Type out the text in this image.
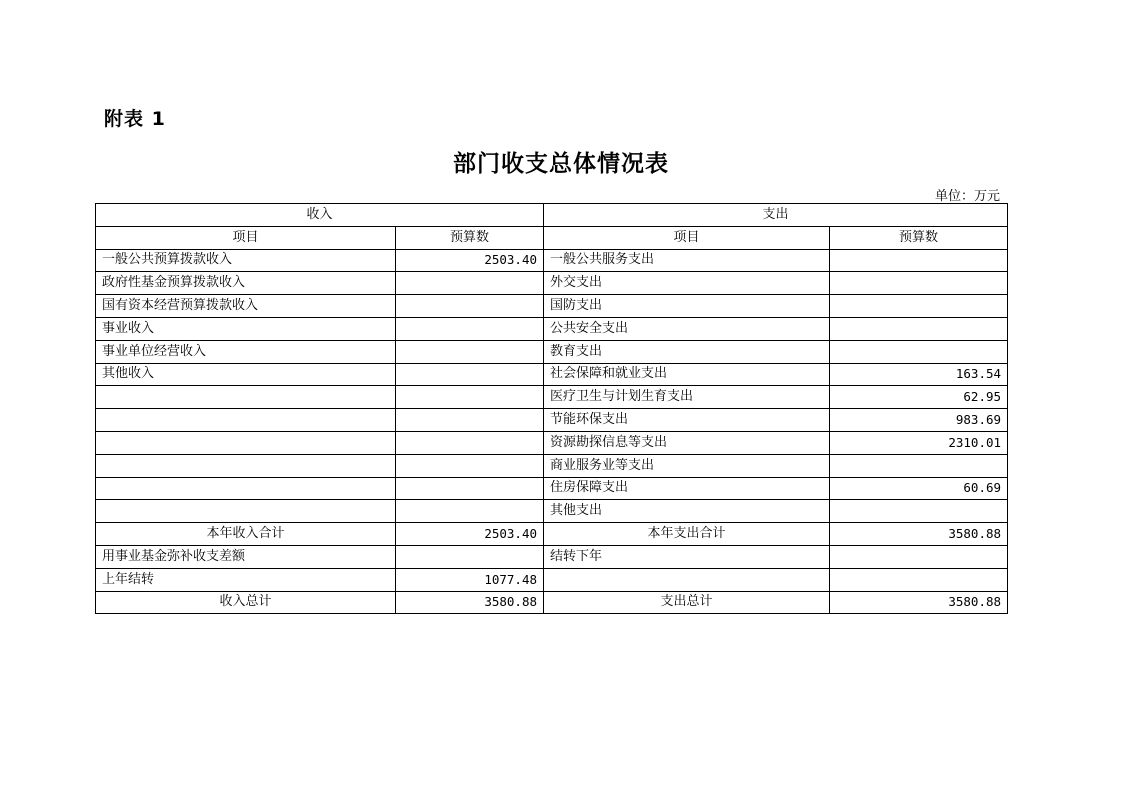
附表 1
部门收支总体情况表
单位：万元
收入		支出	
项目	预算数	项目	预算数
一般公共预算拨款收入	2503.40	一般公共服务支出	
政府性基金预算拨款收入		外交支出	
国有资本经营预算拨款收入		国防支出	
事业收入		公共安全支出	
事业单位经营收入		教育支出	
其他收入		社会保障和就业支出	163.54
		医疗卫生与计划生育支出	62.95
		节能环保支出	983.69
		资源勘探信息等支出	2310.01
		商业服务业等支出	
		住房保障支出	60.69
		其他支出	
本年收入合计	2503.40	本年支出合计	3580.88
用事业基金弥补收支差额		结转下年	
上年结转	1077.48		
收入总计	3580.88	支出总计	3580.88
